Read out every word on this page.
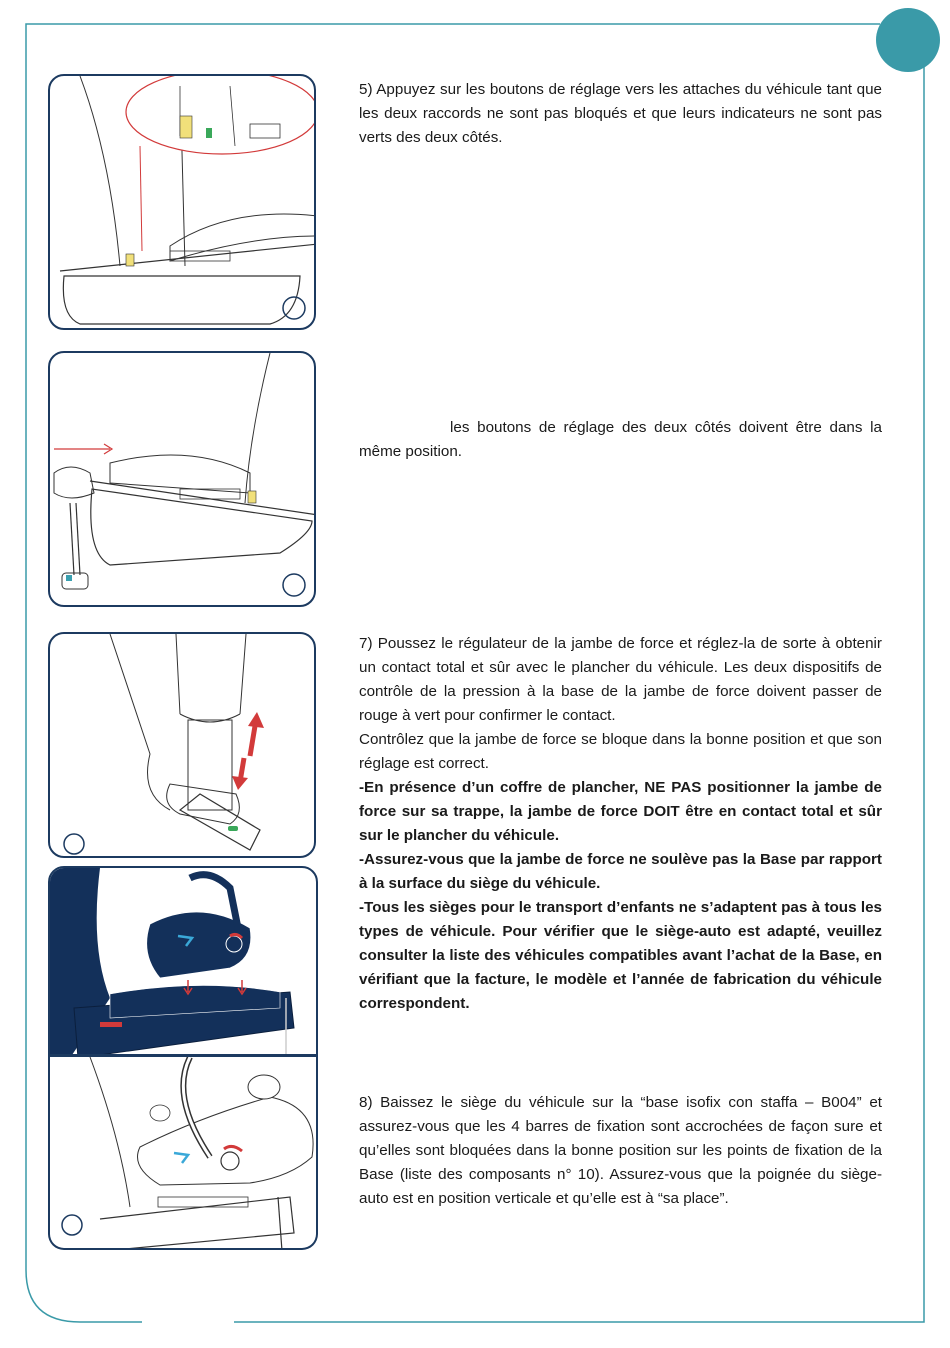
5) Appuyez sur les boutons de réglage vers les attaches du véhicule tant que les deux raccords ne sont pas bloqués et que leurs indicateurs ne sont pas verts des deux côtés.

les boutons de réglage des deux côtés doivent être dans la même position.

7) Poussez le régulateur de la jambe de force et réglez-la de sorte à obtenir un contact total et sûr avec le plancher du véhicule. Les deux dispositifs de contrôle de la pression à la base de la jambe de force doivent passer de rouge à vert pour confirmer le contact.

Contrôlez que la jambe de force se bloque dans la bonne position et que son réglage est correct.

-En présence d’un coffre de plancher, NE PAS positionner la jambe de force sur sa trappe, la jambe de force DOIT être en contact total et sûr sur le plancher du véhicule.

-Assurez-vous que la jambe de force ne soulève pas la Base par rapport à la surface du siège du véhicule.

-Tous les sièges pour le transport d’enfants ne s’adaptent pas à tous les types de véhicule. Pour vérifier que le siège-auto est adapté, veuillez consulter la liste des véhicules compatibles avant l’achat de la Base, en vérifiant que la facture, le modèle et l’année de fabrication du véhicule correspondent.

8) Baissez le siège du véhicule sur la “base isofix con staffa – B004” et assurez-vous que les 4 barres de fixation sont accrochées de façon sure et qu’elles sont bloquées dans la bonne position sur les points de fixation de la Base (liste des composants n° 10). Assurez-vous que la poignée du siège-auto est en position verticale et qu’elle est à “sa place”.
